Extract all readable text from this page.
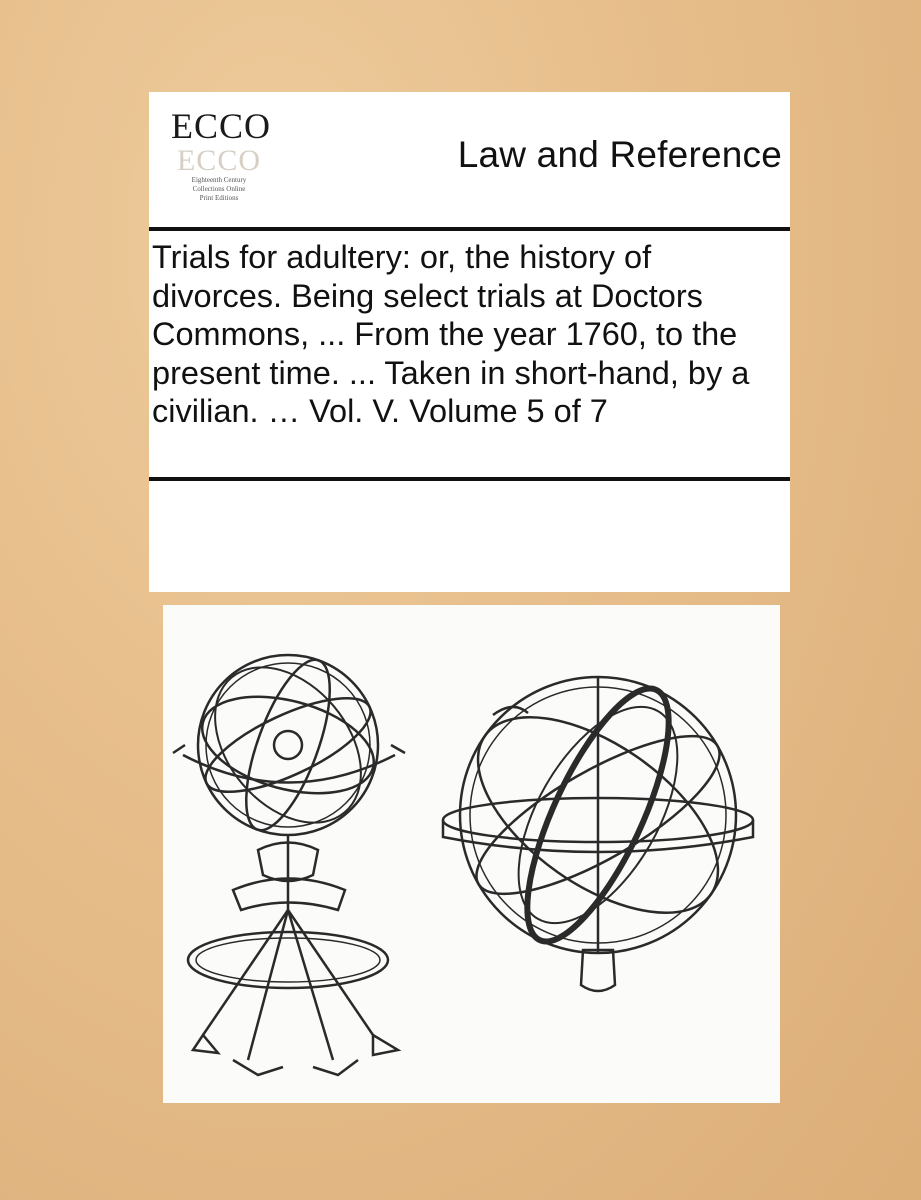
ECCO
ECCO
Eighteenth Century
Collections Online
Print Editions
Law and Reference
Trials for adultery: or, the history of divorces. Being select trials at Doctors Commons, ... From the year 1760, to the present time. ... Taken in short-hand, by a civilian. … Vol. V. Volume 5 of 7
